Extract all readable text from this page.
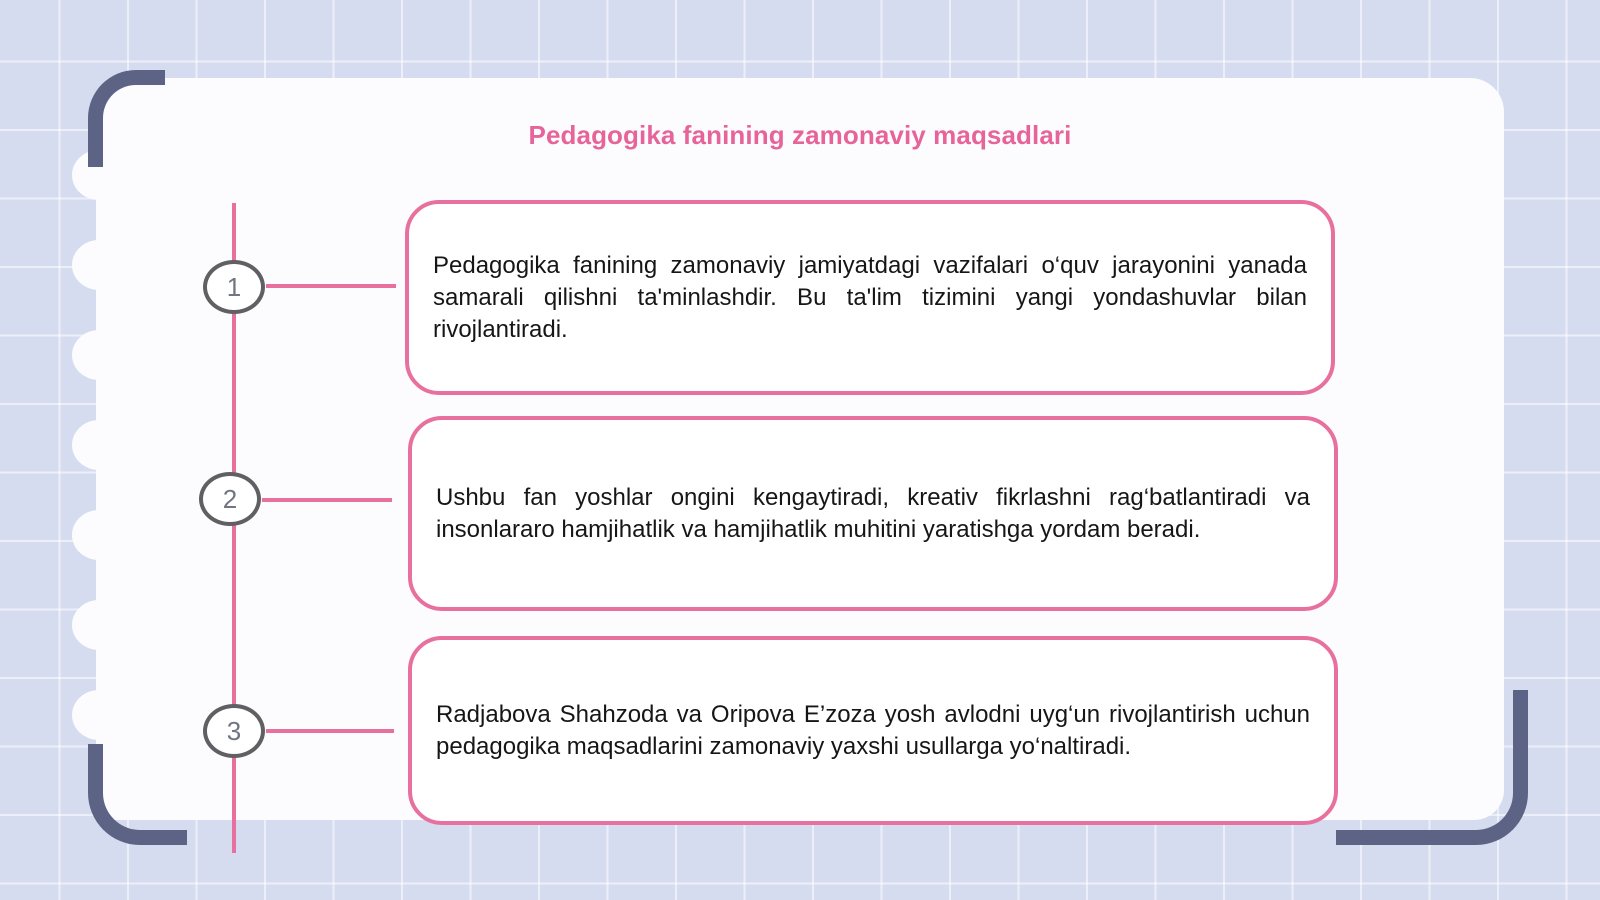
Pedagogika fanining zamonaviy maqsadlari
1
2
3

Pedagogika fanining zamonaviy jamiyatdagi vazifalari o‘quv jarayonini yanada samarali qilishni ta'minlashdir. Bu ta'lim tizimini yangi yondashuvlar bilan rivojlantiradi.

Ushbu fan yoshlar ongini kengaytiradi, kreativ fikrlashni rag‘batlantiradi va insonlararo hamjihatlik va hamjihatlik muhitini yaratishga yordam beradi.

Radjabova Shahzoda va Oripova E’zoza yosh avlodni uyg‘un rivojlantirish uchun pedagogika maqsadlarini zamonaviy yaxshi usullarga yo‘naltiradi.
